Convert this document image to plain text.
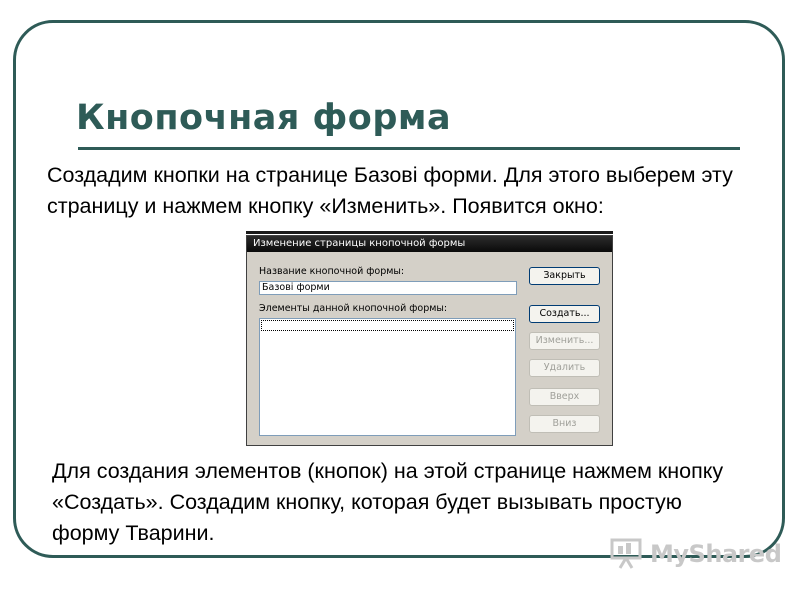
Кнопочная форма
Создадим кнопки на странице Базові форми. Для этого выберем эту страницу и нажмем кнопку «Изменить». Появится окно:
Изменение страницы кнопочной формы
Название кнопочной формы:
Базові форми
Элементы данной кнопочной формы:
Закрыть
Создать...
Изменить...
Удалить
Вверх
Вниз
Для создания элементов (кнопок) на этой странице нажмем кнопку «Создать». Создадим кнопку, которая будет вызывать простую форму Тварини.
MyShared
